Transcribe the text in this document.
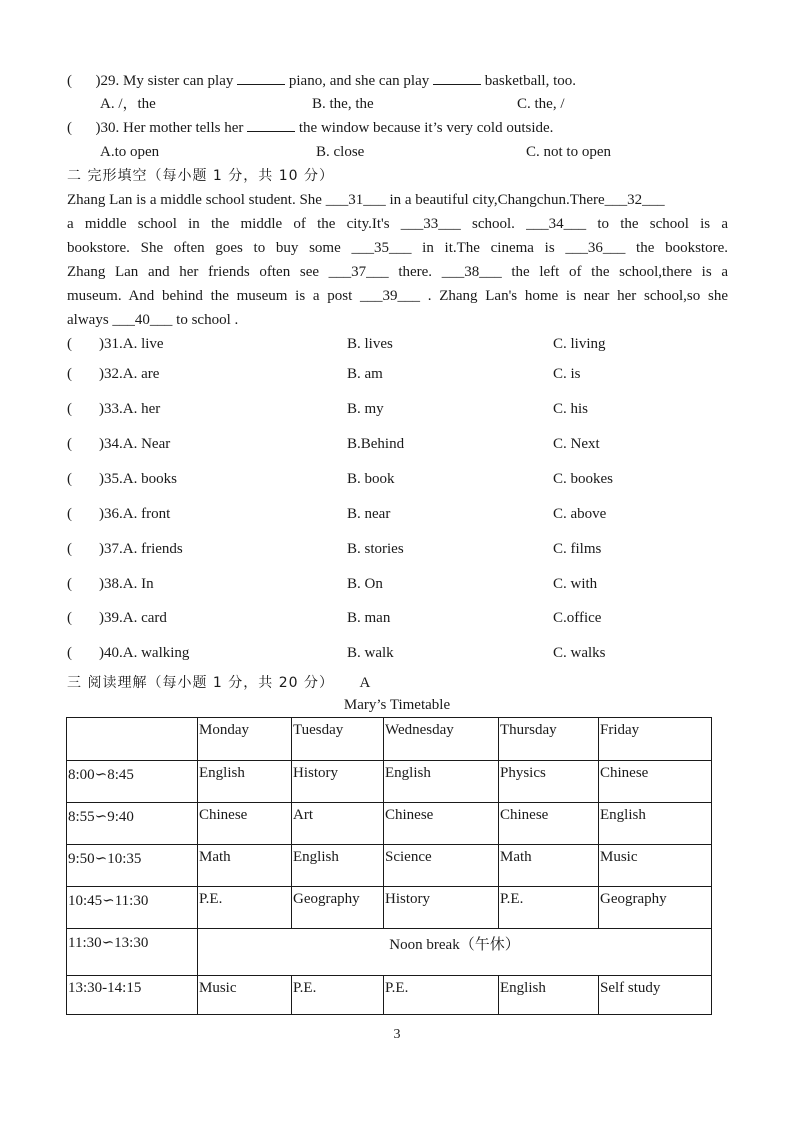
( )29. My sister can play	piano, and she can play	basketball, too.
A. /，the	B. the, the	C. the, /
( )30. Her mother tells her	the window because it’s very cold outside.
A.to open	B. close	C. not to open
二 完形填空（每小题 1 分，共 10 分）
Zhang Lan is a middle school student. She ___31___ in a beautiful city,Changchun.There___32___
a middle school in the middle of the city.It's ___33___ school. ___34___ to the school is a
bookstore. She often goes to buy some ___35___ in it.The cinema is ___36___ the bookstore.
Zhang Lan and her friends often see ___37___ there. ___38___ the left of the school,there is a
museum. And behind the museum is a post ___39___ . Zhang Lan's home is near her school,so she
always ___40___ to school .
( )31.A. live	B. lives	C. living
( )32.A. are	B. am	C. is
( )33.A. her	B. my	C. his
( )34.A. Near	B.Behind	C. Next
( )35.A. books	B. book	C. bookes
( )36.A. front	B. near	C. above
( )37.A. friends	B. stories	C. films
( )38.A. In	B. On	C. with
( )39.A. card	B. man	C.office
( )40.A. walking	B. walk	C. walks
三 阅读理解（每小题 1 分，共 20 分） A
Mary’s Timetable
	Monday	Tuesday	Wednesday	Thursday	Friday
8:00∽8:45	English	History	English	Physics	Chinese
8:55∽9:40	Chinese	Art	Chinese	Chinese	English
9:50∽10:35	Math	English	Science	Math	Music
10:45∽11:30	P.E.	Geography	History	P.E.	Geography
11:30∽13:30	Noon break（午休）				
13:30-14:15	Music	P.E.	P.E.	English	Self study
3
